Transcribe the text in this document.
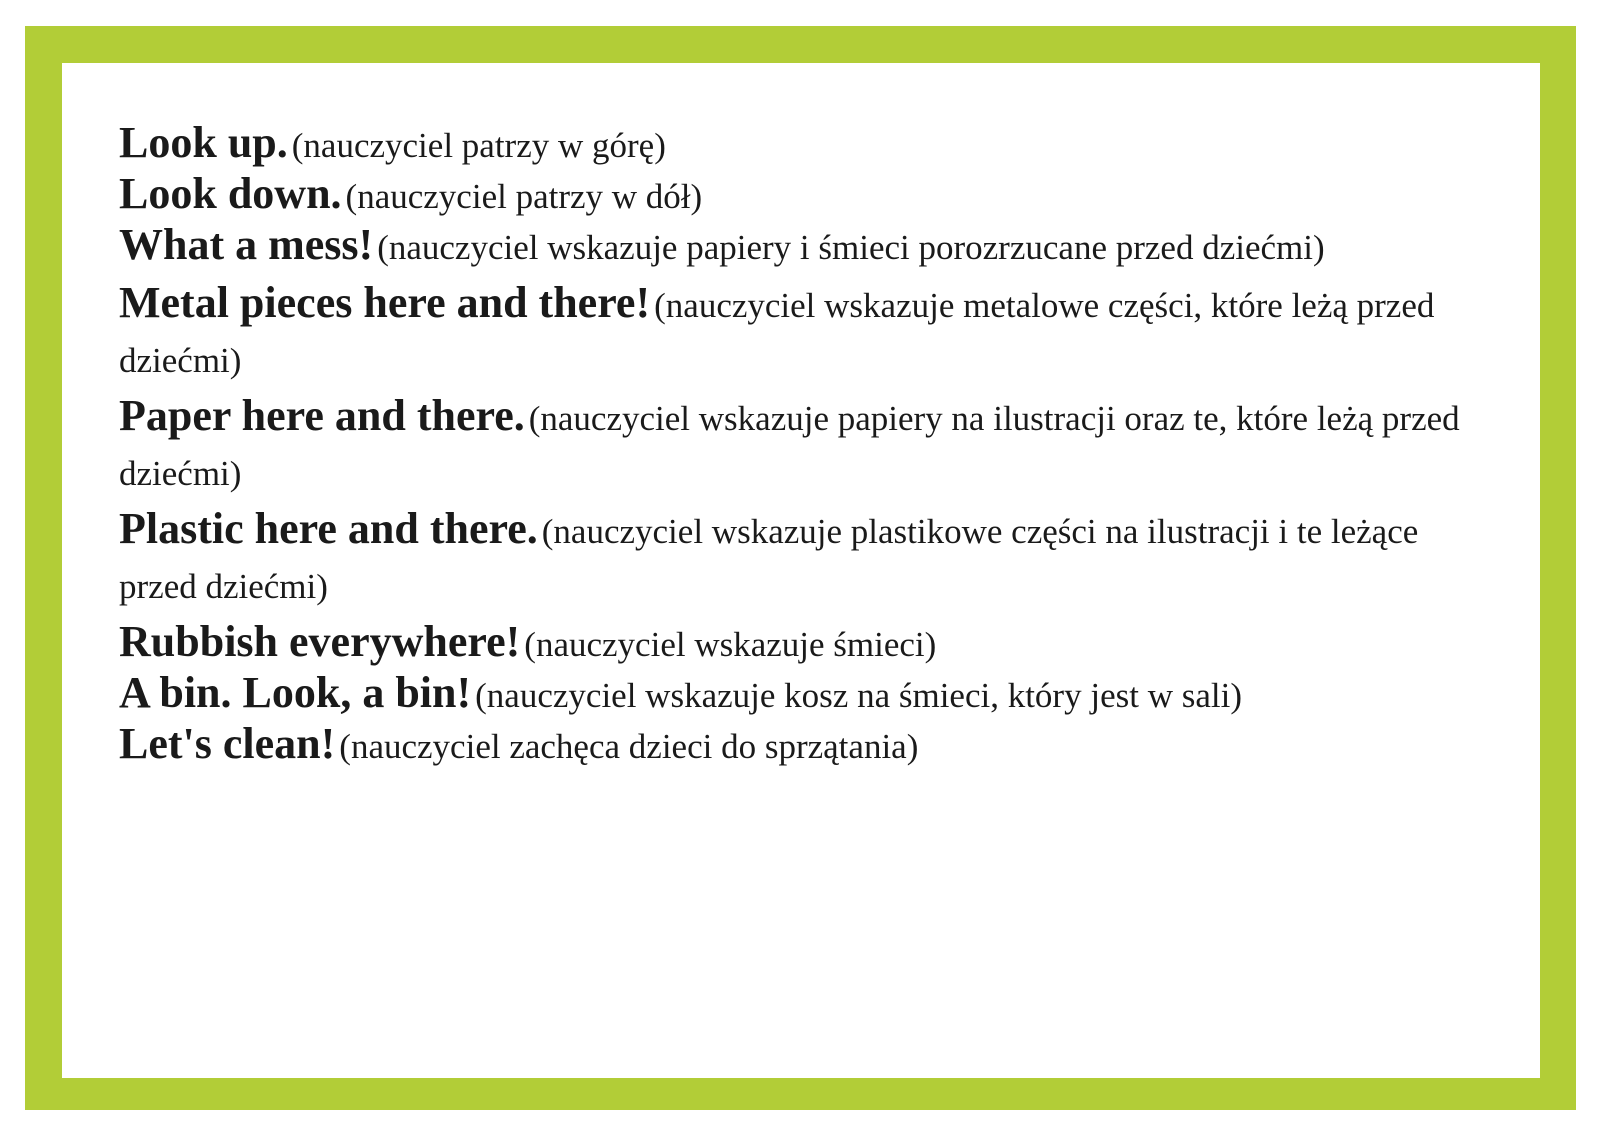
Look up. (nauczyciel patrzy w górę)

Look down. (nauczyciel patrzy w dół)

What a mess! (nauczyciel wskazuje papiery i śmieci porozrzucane przed dziećmi)

Metal pieces here and there! (nauczyciel wskazuje metalowe części, które leżą przed dziećmi)

Paper here and there. (nauczyciel wskazuje papiery na ilustracji oraz te, które leżą przed dziećmi)

Plastic here and there. (nauczyciel wskazuje plastikowe części na ilustracji i te leżące przed dziećmi)

Rubbish everywhere! (nauczyciel wskazuje śmieci)

A bin. Look, a bin! (nauczyciel wskazuje kosz na śmieci, który jest w sali)

Let's clean! (nauczyciel zachęca dzieci do sprzątania)
